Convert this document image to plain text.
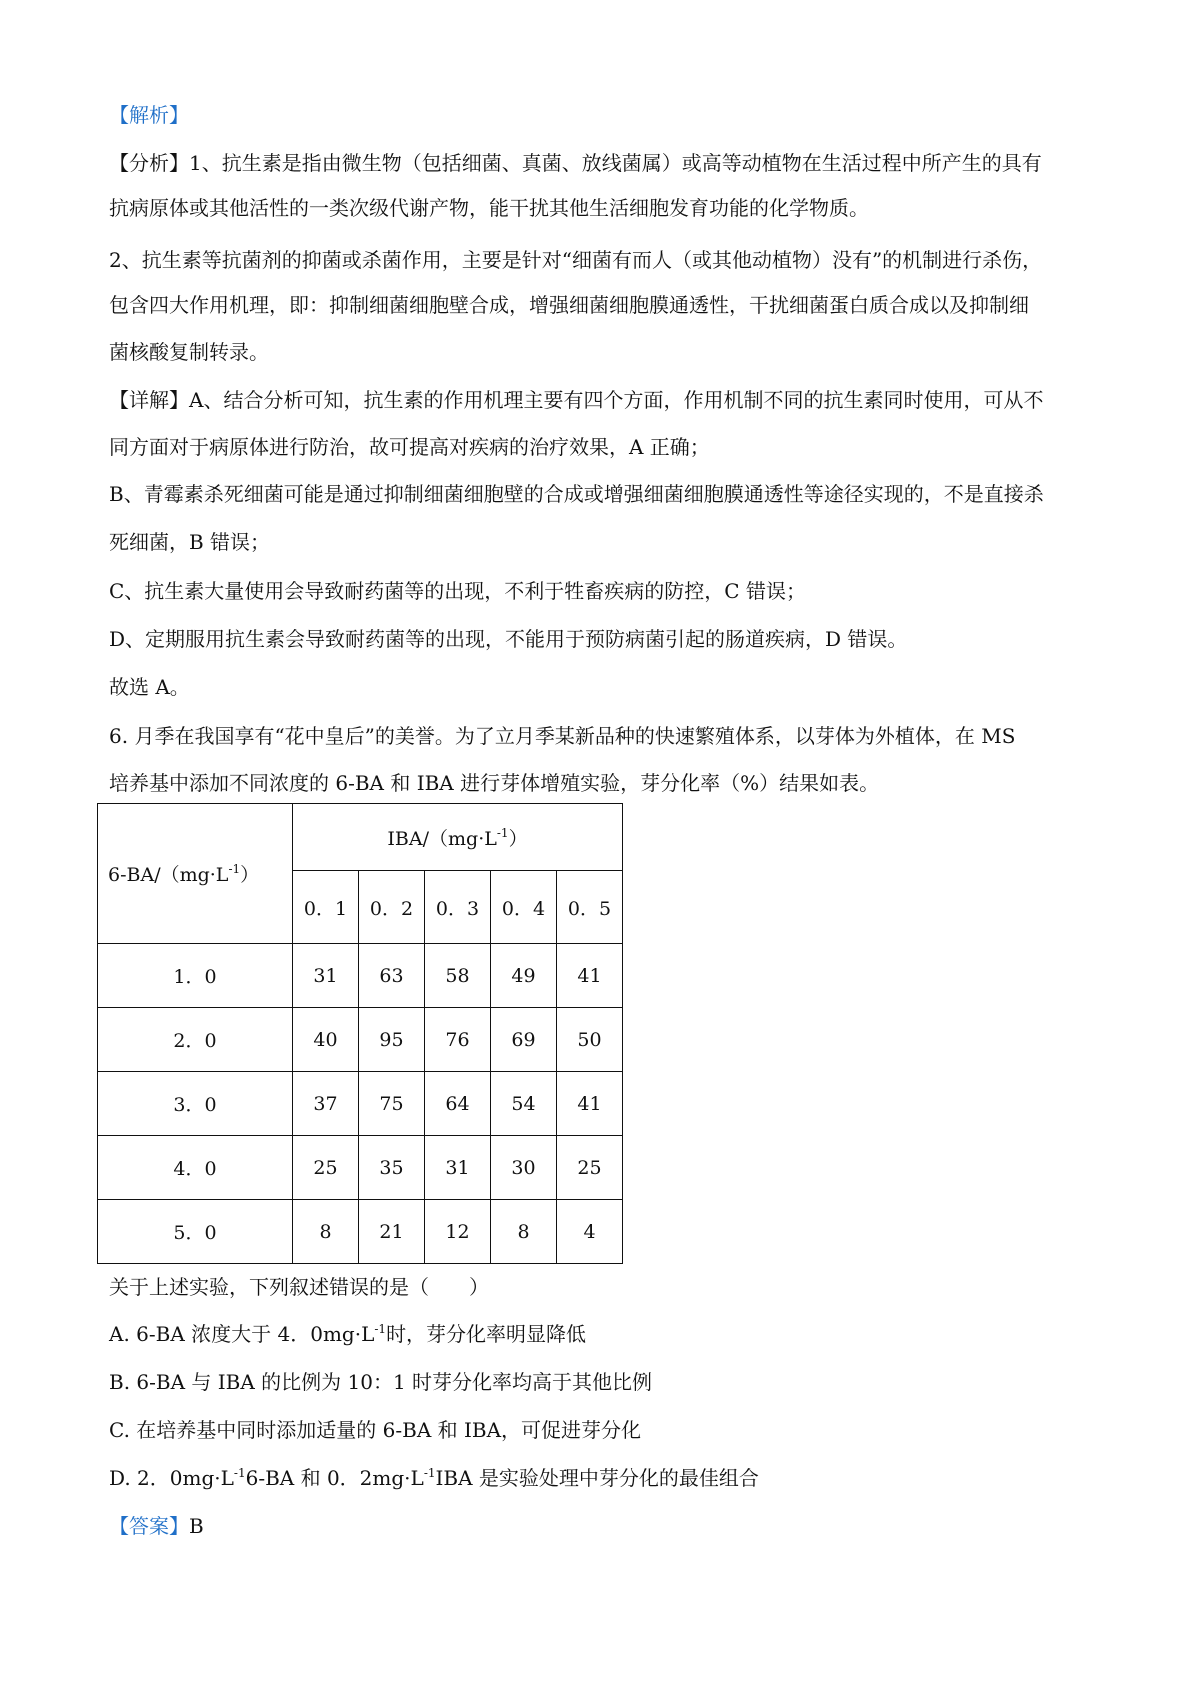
【解析】

【分析】1、抗生素是指由微生物（包括细菌、真菌、放线菌属）或高等动植物在生活过程中所产生的具有

抗病原体或其他活性的一类次级代谢产物，能干扰其他生活细胞发育功能的化学物质。

2、抗生素等抗菌剂的抑菌或杀菌作用，主要是针对“细菌有而人（或其他动植物）没有”的机制进行杀伤，

包含四大作用机理，即：抑制细菌细胞壁合成，增强细菌细胞膜通透性，干扰细菌蛋白质合成以及抑制细

菌核酸复制转录。

【详解】A、结合分析可知，抗生素的作用机理主要有四个方面，作用机制不同的抗生素同时使用，可从不

同方面对于病原体进行防治，故可提高对疾病的治疗效果，A 正确；

B、青霉素杀死细菌可能是通过抑制细菌细胞壁的合成或增强细菌细胞膜通透性等途径实现的，不是直接杀

死细菌，B 错误；

C、抗生素大量使用会导致耐药菌等的出现，不利于牲畜疾病的防控，C 错误；

D、定期服用抗生素会导致耐药菌等的出现，不能用于预防病菌引起的肠道疾病，D 错误。

故选 A。

6. 月季在我国享有“花中皇后”的美誉。为了立月季某新品种的快速繁殖体系，以芽体为外植体，在 MS

培养基中添加不同浓度的 6-BA 和 IBA 进行芽体增殖实验，芽分化率（%）结果如表。

$6-BA/(mg\cdot L^{-1})$	IBA/$(mg\cdot L^{-1})$				
	0．1	0．2	0．3	0．4	0．5
1．0	31	63	58	49	41
2．0	40	95	76	69	50
3．0	37	75	64	54	41
4．0	25	35	31	30	25
5．0	8	21	12	8	4

关于上述实验，下列叙述错误的是（　　）

A. 6-BA 浓度大于 4．$0mg\cdot L^{-1}$时，芽分化率明显降低

B. 6-BA 与 IBA 的比例为 10：1 时芽分化率均高于其他比例

C. 在培养基中同时添加适量的 6-BA 和 IBA，可促进芽分化

D. 2．$0mg\cdot L^{-1}6-BA$ 和 0．$2mg\cdot L^{-1}IBA$ 是实验处理中芽分化的最佳组合

【答案】B
